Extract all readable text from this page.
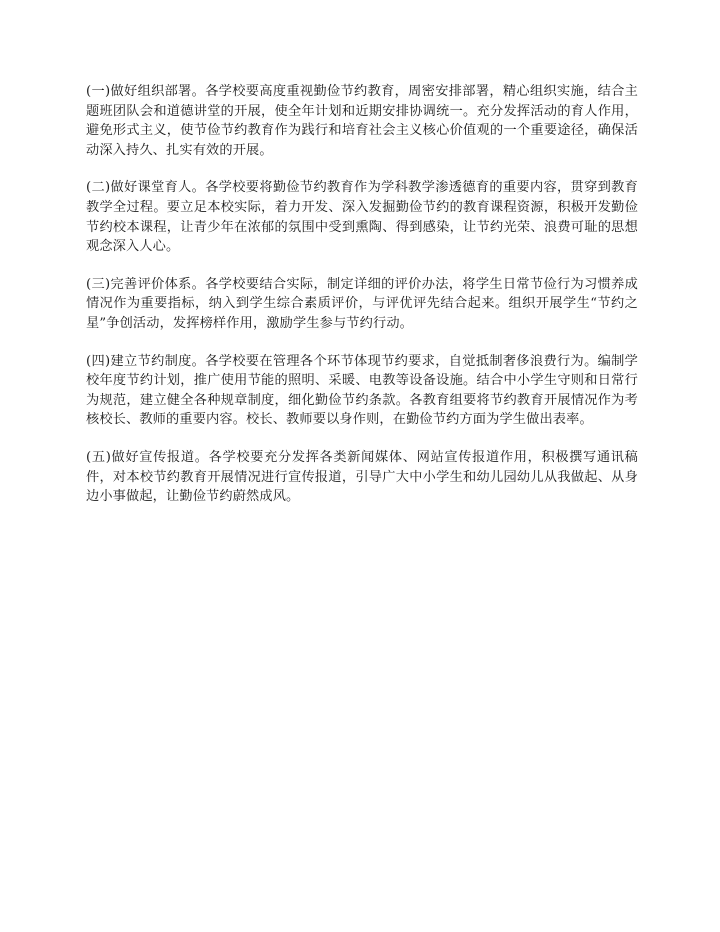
(一)做好组织部署。各学校要高度重视勤俭节约教育，周密安排部署，精心组织实施，结合主题班团队会和道德讲堂的开展，使全年计划和近期安排协调统一。充分发挥活动的育人作用，避免形式主义，使节俭节约教育作为践行和培育社会主义核心价值观的一个重要途径，确保活动深入持久、扎实有效的开展。

(二)做好课堂育人。各学校要将勤俭节约教育作为学科教学渗透德育的重要内容，贯穿到教育教学全过程。要立足本校实际，着力开发、深入发掘勤俭节约的教育课程资源，积极开发勤俭节约校本课程，让青少年在浓郁的氛围中受到熏陶、得到感染，让节约光荣、浪费可耻的思想观念深入人心。

(三)完善评价体系。各学校要结合实际，制定详细的评价办法，将学生日常节俭行为习惯养成情况作为重要指标，纳入到学生综合素质评价，与评优评先结合起来。组织开展学生“节约之星”争创活动，发挥榜样作用，激励学生参与节约行动。

(四)建立节约制度。各学校要在管理各个环节体现节约要求，自觉抵制奢侈浪费行为。编制学校年度节约计划，推广使用节能的照明、采暖、电教等设备设施。结合中小学生守则和日常行为规范，建立健全各种规章制度，细化勤俭节约条款。各教育组要将节约教育开展情况作为考核校长、教师的重要内容。校长、教师要以身作则，在勤俭节约方面为学生做出表率。

(五)做好宣传报道。各学校要充分发挥各类新闻媒体、网站宣传报道作用，积极撰写通讯稿件，对本校节约教育开展情况进行宣传报道，引导广大中小学生和幼儿园幼儿从我做起、从身边小事做起，让勤俭节约蔚然成风。
